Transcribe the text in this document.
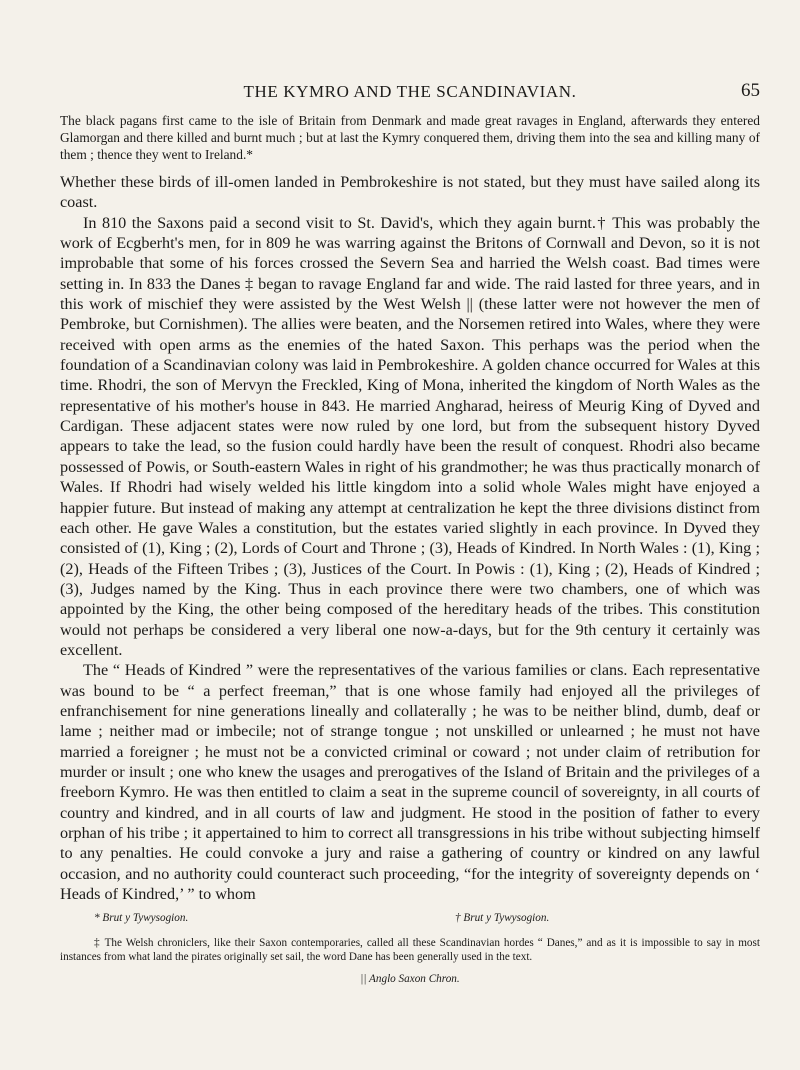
THE KYMRO AND THE SCANDINAVIAN.	65
The black pagans first came to the isle of Britain from Denmark and made great ravages in England, afterwards they entered Glamorgan and there killed and burnt much ; but at last the Kymry conquered them, driving them into the sea and killing many of them ; thence they went to Ireland.*

Whether these birds of ill-omen landed in Pembrokeshire is not stated, but they must have sailed along its coast.

In 810 the Saxons paid a second visit to St. David's, which they again burnt.† This was probably the work of Ecgberht's men, for in 809 he was warring against the Britons of Cornwall and Devon, so it is not improbable that some of his forces crossed the Severn Sea and harried the Welsh coast. Bad times were setting in. In 833 the Danes ‡ began to ravage England far and wide. The raid lasted for three years, and in this work of mischief they were assisted by the West Welsh || (these latter were not however the men of Pembroke, but Cornishmen). The allies were beaten, and the Norsemen retired into Wales, where they were received with open arms as the enemies of the hated Saxon. This perhaps was the period when the foundation of a Scandinavian colony was laid in Pembrokeshire. A golden chance occurred for Wales at this time. Rhodri, the son of Mervyn the Freckled, King of Mona, inherited the kingdom of North Wales as the representative of his mother's house in 843. He married Angharad, heiress of Meurig King of Dyved and Cardigan. These adjacent states were now ruled by one lord, but from the subsequent history Dyved appears to take the lead, so the fusion could hardly have been the result of conquest. Rhodri also became possessed of Powis, or South-eastern Wales in right of his grandmother; he was thus practically monarch of Wales. If Rhodri had wisely welded his little kingdom into a solid whole Wales might have enjoyed a happier future. But instead of making any attempt at centralization he kept the three divisions distinct from each other. He gave Wales a constitution, but the estates varied slightly in each province. In Dyved they consisted of (1), King ; (2), Lords of Court and Throne ; (3), Heads of Kindred. In North Wales : (1), King ; (2), Heads of the Fifteen Tribes ; (3), Justices of the Court. In Powis : (1), King ; (2), Heads of Kindred ; (3), Judges named by the King. Thus in each province there were two chambers, one of which was appointed by the King, the other being composed of the hereditary heads of the tribes. This constitution would not perhaps be considered a very liberal one now-a-days, but for the 9th century it certainly was excellent.

The “ Heads of Kindred ” were the representatives of the various families or clans. Each representative was bound to be “ a perfect freeman,” that is one whose family had enjoyed all the privileges of enfranchisement for nine generations lineally and collaterally ; he was to be neither blind, dumb, deaf or lame ; neither mad or imbecile; not of strange tongue ; not unskilled or unlearned ; he must not have married a foreigner ; he must not be a convicted criminal or coward ; not under claim of retribution for murder or insult ; one who knew the usages and prerogatives of the Island of Britain and the privileges of a freeborn Kymro. He was then entitled to claim a seat in the supreme council of sovereignty, in all courts of country and kindred, and in all courts of law and judgment. He stood in the position of father to every orphan of his tribe ; it appertained to him to correct all transgressions in his tribe without subjecting himself to any penalties. He could convoke a jury and raise a gathering of country or kindred on any lawful occasion, and no authority could counteract such proceeding, “for the integrity of sovereignty depends on ‘ Heads of Kindred,’ ” to whom

* Brut y Tywysogion.	† Brut y Tywysogion.
‡ The Welsh chroniclers, like their Saxon contemporaries, called all these Scandinavian hordes “ Danes,” and as it is impossible to say in most instances from what land the pirates originally set sail, the word Dane has been generally used in the text.
|| Anglo Saxon Chron.
